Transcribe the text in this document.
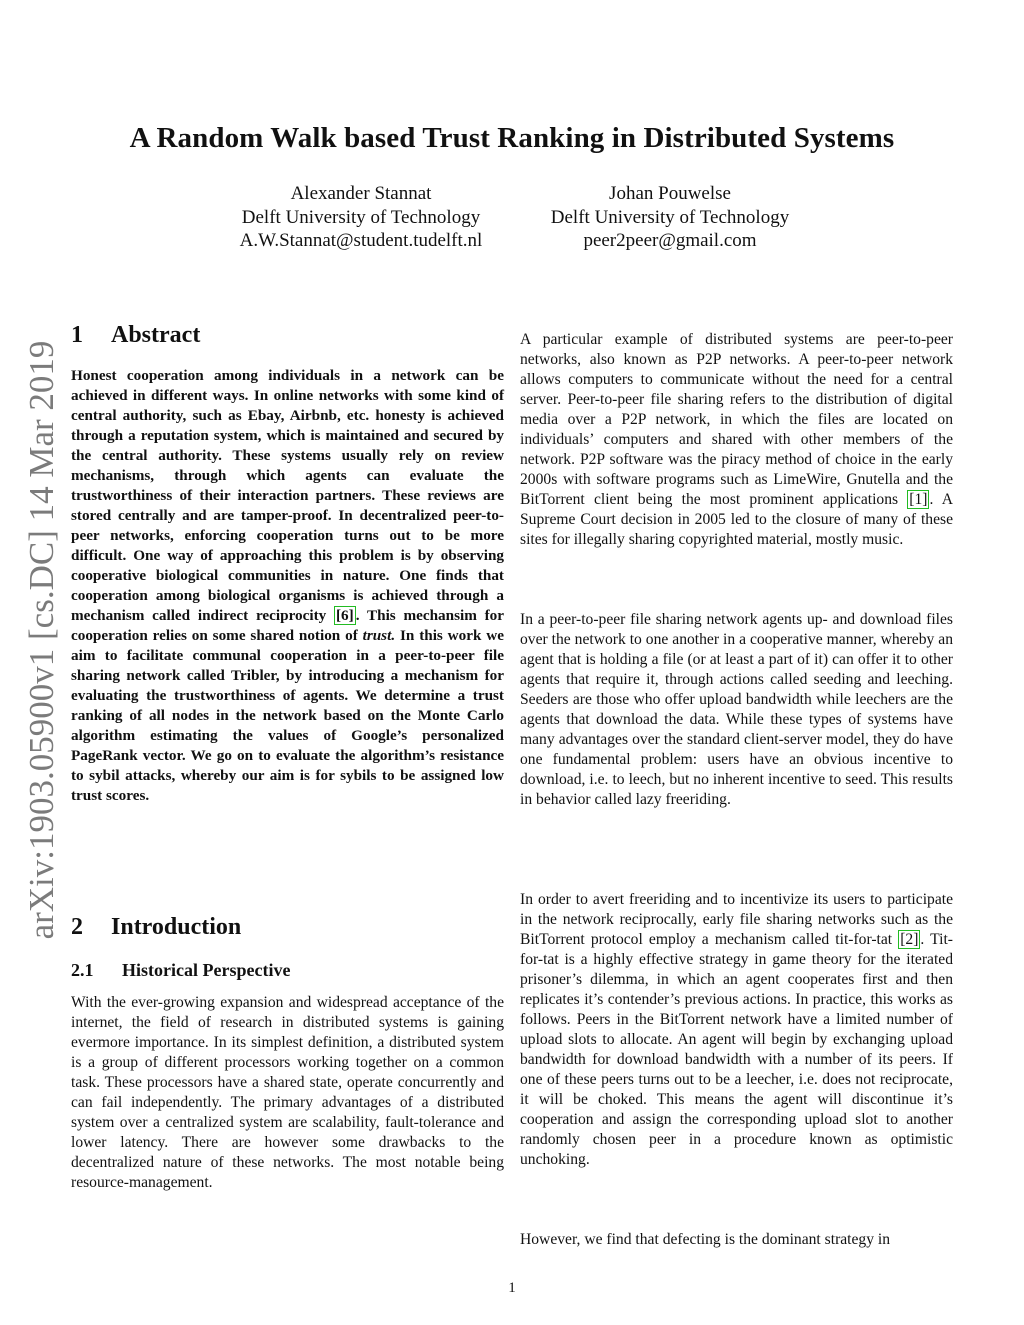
A Random Walk based Trust Ranking in Distributed Systems
Alexander Stannat
Delft University of Technology
A.W.Stannat@student.tudelft.nl
Johan Pouwelse
Delft University of Technology
peer2peer@gmail.com
arXiv:1903.05900v1 [cs.DC] 14 Mar 2019
1 Abstract

Honest cooperation among individuals in a network can be achieved in different ways. In online networks with some kind of central authority, such as Ebay, Airbnb, etc. honesty is achieved through a reputation system, which is maintained and secured by the central authority. These systems usually rely on review mechanisms, through which agents can evaluate the trustworthiness of their interaction partners. These reviews are stored centrally and are tamper-proof. In decentralized peer-to-peer networks, enforcing cooperation turns out to be more difficult. One way of approaching this problem is by observing cooperative biological communities in nature. One finds that cooperation among biological organisms is achieved through a mechanism called indirect reciprocity [6] . This mechansim for cooperation relies on some shared notion of trust. In this work we aim to facilitate communal cooperation in a peer-to-peer file sharing network called Tribler, by introducing a mechanism for evaluating the trustworthiness of agents. We determine a trust ranking of all nodes in the network based on the Monte Carlo algorithm estimating the values of Google’s personalized PageRank vector. We go on to evaluate the algorithm’s resistance to sybil attacks, whereby our aim is for sybils to be assigned low trust scores.

2 Introduction
2.1 Historical Perspective

With the ever-growing expansion and widespread acceptance of the internet, the field of research in distributed systems is gaining evermore importance. In its simplest definition, a distributed system is a group of different processors working together on a common task. These processors have a shared state, operate concurrently and can fail independently. The primary advantages of a distributed system over a centralized system are scalability, fault-tolerance and lower latency. There are however some drawbacks to the decentralized nature of these networks. The most notable being resource-management.

A particular example of distributed systems are peer-to-peer networks, also known as P2P networks. A peer-to-peer network allows computers to communicate without the need for a central server. Peer-to-peer file sharing refers to the distribution of digital media over a P2P network, in which the files are located on individuals’ computers and shared with other members of the network. P2P software was the piracy method of choice in the early 2000s with software programs such as LimeWire, Gnutella and the BitTorrent client being the most prominent applications [1] . A Supreme Court decision in 2005 led to the closure of many of these sites for illegally sharing copyrighted material, mostly music.

In a peer-to-peer file sharing network agents up- and download files over the network to one another in a cooperative manner, whereby an agent that is holding a file (or at least a part of it) can offer it to other agents that require it, through actions called seeding and leeching. Seeders are those who offer upload bandwidth while leechers are the agents that download the data. While these types of systems have many advantages over the standard client-server model, they do have one fundamental problem: users have an obvious incentive to download, i.e. to leech, but no inherent incentive to seed. This results in behavior called lazy freeriding.

In order to avert freeriding and to incentivize its users to participate in the network reciprocally, early file sharing networks such as the BitTorrent protocol employ a mechanism called tit-for-tat [2] . Tit-for-tat is a highly effective strategy in game theory for the iterated prisoner’s dilemma, in which an agent cooperates first and then replicates it’s contender’s previous actions. In practice, this works as follows. Peers in the BitTorrent network have a limited number of upload slots to allocate. An agent will begin by exchanging upload bandwidth for download bandwidth with a number of its peers. If one of these peers turns out to be a leecher, i.e. does not reciprocate, it will be choked. This means the agent will discontinue it’s cooperation and assign the corresponding upload slot to another randomly chosen peer in a procedure known as optimistic unchoking.

However, we find that defecting is the dominant strategy in

1
